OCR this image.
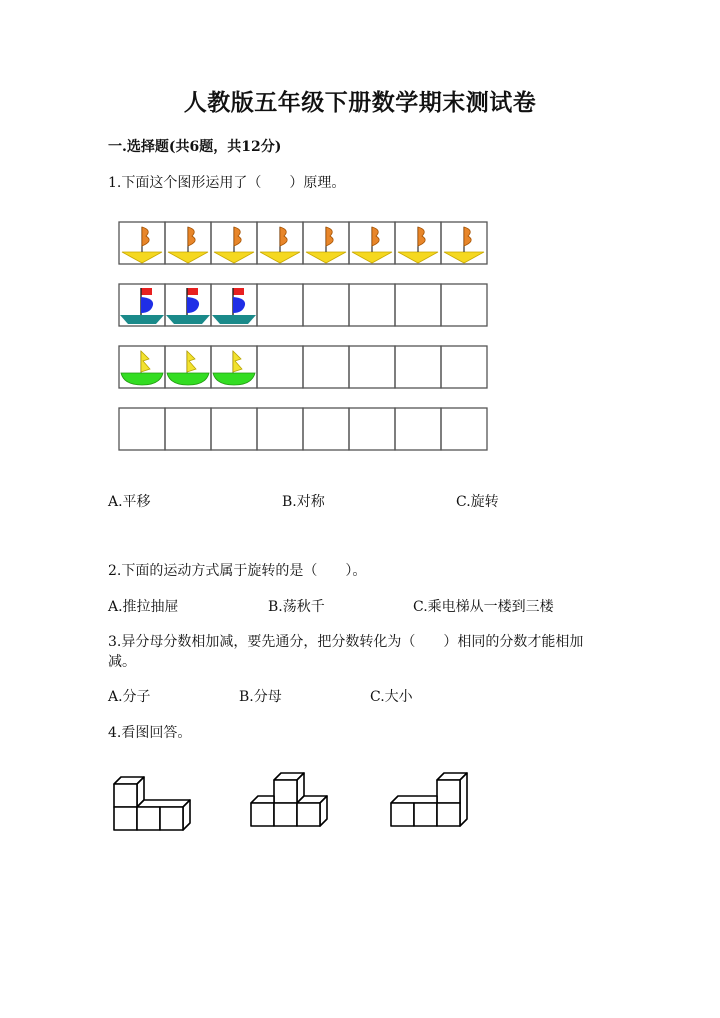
人教版五年级下册数学期末测试卷
一.选择题(共6题，共12分)
1.下面这个图形运用了（　　）原理。
A.平移	B.对称	C.旋转
2.下面的运动方式属于旋转的是（　　）。
A.推拉抽屉	B.荡秋千	C.乘电梯从一楼到三楼
3.异分母分数相加减，要先通分，把分数转化为（　　）相同的分数才能相加
减。
A.分子	B.分母	C.大小
4.看图回答。
